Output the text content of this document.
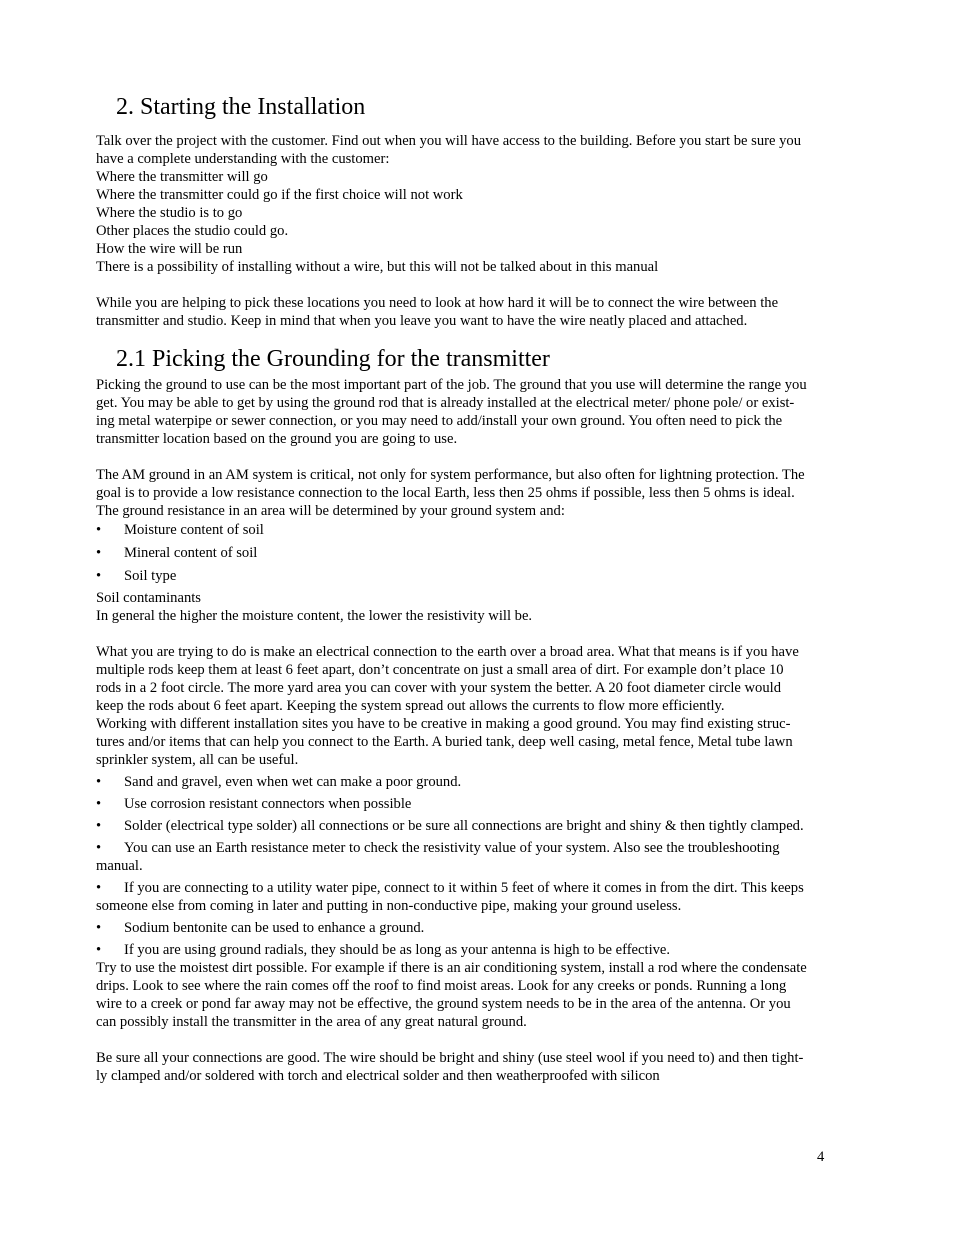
2. Starting the Installation

Talk over the project with the customer. Find out when you will have access to the building. Before you start be sure you
have a complete understanding with the customer:
Where the transmitter will go
Where the transmitter could go if the first choice will not work
Where the studio is to go
Other places the studio could go.
How the wire will be run
There is a possibility of installing without a wire, but this will not be talked about in this manual

While you are helping to pick these locations you need to look at how hard it will be to connect the wire between the
transmitter and studio. Keep in mind that when you leave you want to have the wire neatly placed and attached.

2.1 Picking the Grounding for the transmitter

Picking the ground to use can be the most important part of the job. The ground that you use will determine the range you
get. You may be able to get by using the ground rod that is already installed at the electrical meter/ phone pole/ or exist-
ing metal waterpipe or sewer connection, or you may need to add/install your own ground. You often need to pick the
transmitter location based on the ground you are going to use.

The AM ground in an AM system is critical, not only for system performance, but also often for lightning protection. The
goal is to provide a low resistance connection to the local Earth, less then 25 ohms if possible, less then 5 ohms is ideal.
The ground resistance in an area will be determined by your ground system and:

• Moisture content of soil
• Mineral content of soil
• Soil type

Soil contaminants
In general the higher the moisture content, the lower the resistivity will be.

What you are trying to do is make an electrical connection to the earth over a broad area. What that means is if you have
multiple rods keep them at least 6 feet apart, don’t concentrate on just a small area of dirt. For example don’t place 10
rods in a 2 foot circle. The more yard area you can cover with your system the better. A 20 foot diameter circle would
keep the rods about 6 feet apart. Keeping the system spread out allows the currents to flow more efficiently.
Working with different installation sites you have to be creative in making a good ground. You may find existing struc-
tures and/or items that can help you connect to the Earth. A buried tank, deep well casing, metal fence, Metal tube lawn
sprinkler system, all can be useful.

• Sand and gravel, even when wet can make a poor ground.
• Use corrosion resistant connectors when possible
• Solder (electrical type solder) all connections or be sure all connections are bright and shiny & then tightly clamped.
• You can use an Earth resistance meter to check the resistivity value of your system. Also see the troubleshooting
manual.
• If you are connecting to a utility water pipe, connect to it within 5 feet of where it comes in from the dirt. This keeps
someone else from coming in later and putting in non-conductive pipe, making your ground useless.
• Sodium bentonite can be used to enhance a ground.
• If you are using ground radials, they should be as long as your antenna is high to be effective.

Try to use the moistest dirt possible. For example if there is an air conditioning system, install a rod where the condensate
drips. Look to see where the rain comes off the roof to find moist areas. Look for any creeks or ponds. Running a long
wire to a creek or pond far away may not be effective, the ground system needs to be in the area of the antenna. Or you
can possibly install the transmitter in the area of any great natural ground.

Be sure all your connections are good. The wire should be bright and shiny (use steel wool if you need to) and then tight-
ly clamped and/or soldered with torch and electrical solder and then weatherproofed with silicon

4
